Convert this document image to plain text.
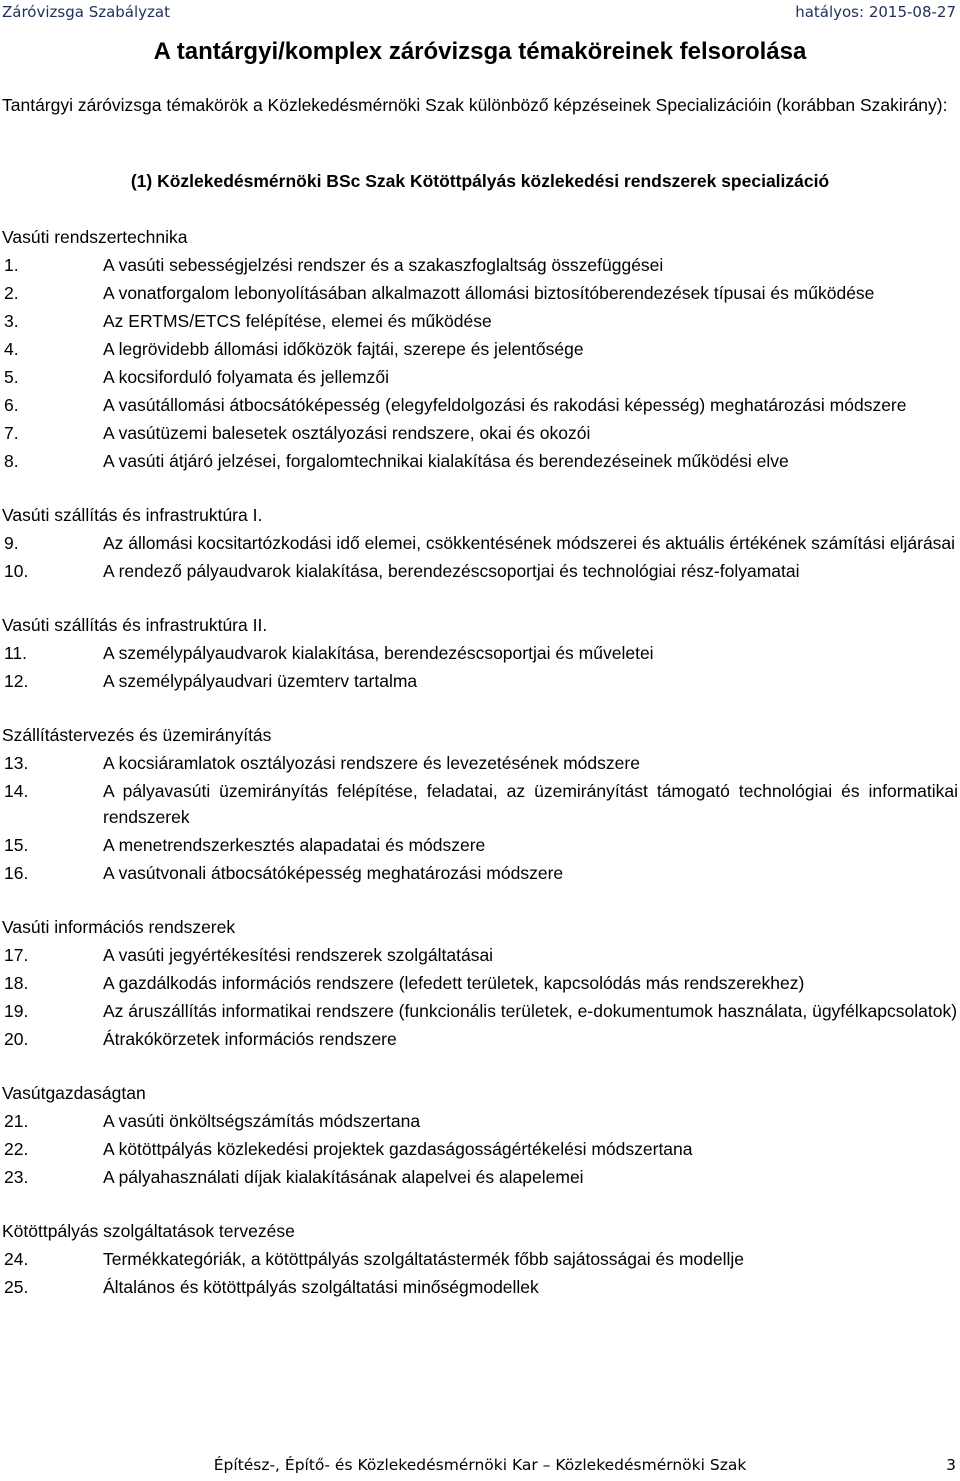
Záróvizsga Szabályzat	hatályos: 2015-08-27
A tantárgyi/komplex záróvizsga témaköreinek felsorolása
Tantárgyi záróvizsga témakörök a Közlekedésmérnöki Szak különböző képzéseinek Specializációin (korábban Szakirány):
(1) Közlekedésmérnöki BSc Szak Kötöttpályás közlekedési rendszerek specializáció
Vasúti rendszertechnika
1.	A vasúti sebességjelzési rendszer és a szakaszfoglaltság összefüggései
2.	A vonatforgalom lebonyolításában alkalmazott állomási biztosítóberendezések típusai és működése
3.	Az ERTMS/ETCS felépítése, elemei és működése
4.	A legrövidebb állomási időközök fajtái, szerepe és jelentősége
5.	A kocsiforduló folyamata és jellemzői
6.	A vasútállomási átbocsátóképesség (elegyfeldolgozási és rakodási képesség) meghatározási módszere
7.	A vasútüzemi balesetek osztályozási rendszere, okai és okozói
8.	A vasúti átjáró jelzései, forgalomtechnikai kialakítása és berendezéseinek működési elve
Vasúti szállítás és infrastruktúra I.
9.	Az állomási kocsitartózkodási idő elemei, csökkentésének módszerei és aktuális értékének számítási eljárásai
10.	A rendező pályaudvarok kialakítása, berendezéscsoportjai és technológiai rész-folyamatai
Vasúti szállítás és infrastruktúra II.
11.	A személypályaudvarok kialakítása, berendezéscsoportjai és műveletei
12.	A személypályaudvari üzemterv tartalma
Szállítástervezés és üzemirányítás
13.	A kocsiáramlatok osztályozási rendszere és levezetésének módszere
14.	A pályavasúti üzemirányítás felépítése, feladatai, az üzemirányítást támogató technológiai és informatikai rendszerek
15.	A menetrendszerkesztés alapadatai és módszere
16.	A vasútvonali átbocsátóképesség meghatározási módszere
Vasúti információs rendszerek
17.	A vasúti jegyértékesítési rendszerek szolgáltatásai
18.	A gazdálkodás információs rendszere (lefedett területek, kapcsolódás más rendszerekhez)
19.	Az áruszállítás informatikai rendszere (funkcionális területek, e-dokumentumok használata, ügyfélkapcsolatok)
20.	Átrakókörzetek információs rendszere
Vasútgazdaságtan
21.	A vasúti önköltségszámítás módszertana
22.	A kötöttpályás közlekedési projektek gazdaságosságértékelési módszertana
23.	A pályahasználati díjak kialakításának alapelvei és alapelemei
Kötöttpályás szolgáltatások tervezése
24.	Termékkategóriák, a kötöttpályás szolgáltatástermék főbb sajátosságai és modellje
25.	Általános és kötöttpályás szolgáltatási minőségmodellek
Építész-, Építő- és Közlekedésmérnöki Kar – Közlekedésmérnöki Szak	3
